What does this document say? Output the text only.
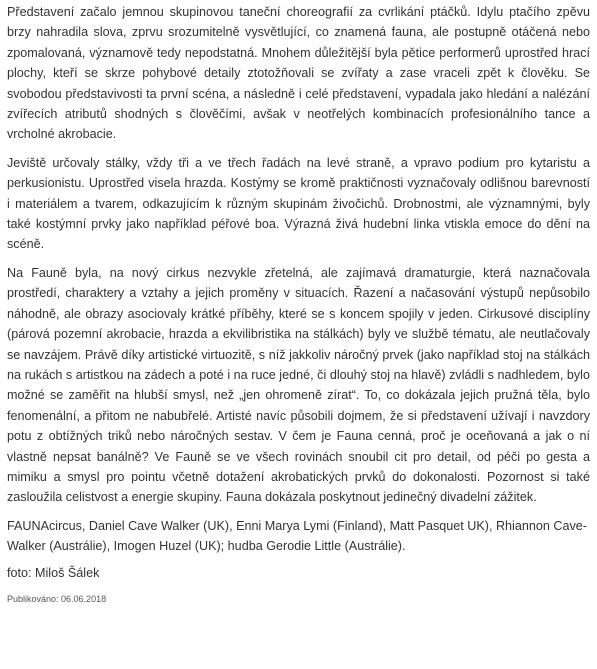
Představení začalo jemnou skupinovou taneční choreografií za cvrlikání ptáčků. Idylu ptačího zpěvu brzy nahradila slova, zprvu srozumitelně vysvětlující, co znamená fauna, ale postupně otáčená nebo zpomalovaná, významově tedy nepodstatná. Mnohem důležitější byla pětice performerů uprostřed hrací plochy, kteří se skrze pohybové detaily ztotožňovali se zvířaty a zase vraceli zpět k člověku. Se svobodou představivosti ta první scéna, a následně i celé představení, vypadala jako hledání a nalézání zvířecích atributů shodných s člověčími, avšak v neotřelých kombinacích profesionálního tance a vrcholné akrobacie.

Jeviště určovaly stálky, vždy tři a ve třech řadách na levé straně, a vpravo podium pro kytaristu a perkusionistu. Uprostřed visela hrazda. Kostýmy se kromě praktičnosti vyznačovaly odlišnou barevností i materiálem a tvarem, odkazujícím k různým skupinám živočichů. Drobnostmi, ale významnými, byly také kostýmní prvky jako například péřové boa. Výrazná živá hudební linka vtiskla emoce do dění na scéně.

Na Fauně byla, na nový cirkus nezvykle zřetelná, ale zajímavá dramaturgie, která naznačovala prostředí, charaktery a vztahy a jejich proměny v situacích. Řazení a načasování výstupů nepůsobilo náhodně, ale obrazy asociovaly krátké příběhy, které se s koncem spojily v jeden. Cirkusové disciplíny (párová pozemní akrobacie, hrazda a ekvilibristika na stálkách) byly ve službě tématu, ale neutlačovaly se navzájem. Právě díky artistické virtuozitě, s níž jakkoliv náročný prvek (jako například stoj na stálkách na rukách s artistkou na zádech a poté i na ruce jedné, či dlouhý stoj na hlavě) zvládli s nadhledem, bylo možné se zaměřit na hlubší smysl, než „jen ohromeně zírat“. To, co dokázala jejich pružná těla, bylo fenomenální, a přitom ne nabubřelé. Artisté navíc působili dojmem, že si představení užívají i navzdory potu z obtížných triků nebo náročných sestav. V čem je Fauna cenná, proč je oceňovaná a jak o ní vlastně nepsat banálně? Ve Fauně se ve všech rovinách snoubil cit pro detail, od péči po gesta a mimiku a smysl pro pointu včetně dotažení akrobatických prvků do dokonalosti. Pozornost si také zasloužila celistvost a energie skupiny. Fauna dokázala poskytnout jedinečný divadelní zážitek.

FAUNAcircus, Daniel Cave Walker (UK), Enni Marya Lymi (Finland), Matt Pasquet UK), Rhiannon Cave-Walker (Austrálie), Imogen Huzel (UK); hudba Gerodie Little (Austrálie).

foto: Miloš Šálek

Publikováno: 06.06.2018
